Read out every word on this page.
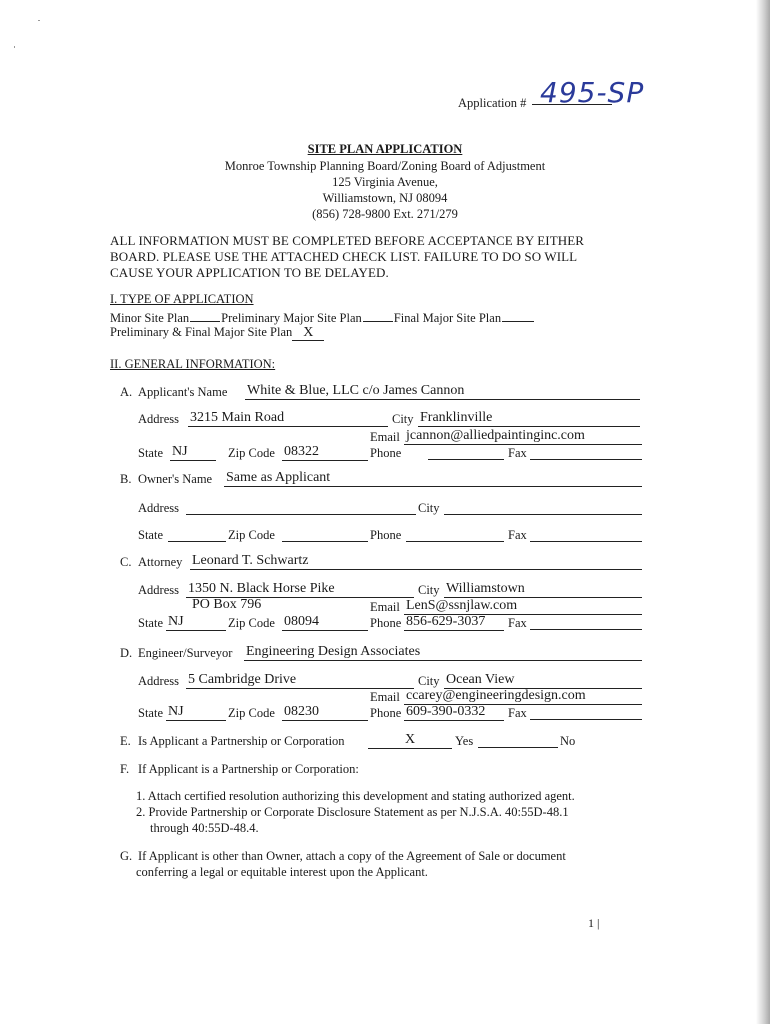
Application # 495-SP
SITE PLAN APPLICATION
Monroe Township Planning Board/Zoning Board of Adjustment
125 Virginia Avenue,
Williamstown, NJ 08094
(856) 728-9800 Ext. 271/279
ALL INFORMATION MUST BE COMPLETED BEFORE ACCEPTANCE BY EITHER
BOARD. PLEASE USE THE ATTACHED CHECK LIST. FAILURE TO DO SO WILL
CAUSE YOUR APPLICATION TO BE DELAYED.
I. TYPE OF APPLICATION
Minor Site Plan	Preliminary Major Site Plan	Final Major Site Plan
Preliminary & Final Major Site Plan X
II. GENERAL INFORMATION:
A. Applicant's Name White & Blue, LLC c/o James Cannon
Address 3215 Main Road	City Franklinville
Email jcannon@alliedpaintinginc.com
State NJ	Zip Code 08322	Phone	Fax
B. Owner's Name Same as Applicant
Address	City
State	Zip Code	Phone	Fax
C. Attorney Leonard T. Schwartz
Address 1350 N. Black Horse Pike	City Williamstown
PO Box 796	Email LenS@ssnjlaw.com
State NJ	Zip Code 08094	Phone 856-629-3037	Fax
D. Engineer/Surveyor Engineering Design Associates
Address 5 Cambridge Drive	City Ocean View
Email ccarey@engineeringdesign.com
State NJ	Zip Code 08230	Phone 609-390-0332	Fax
E. Is Applicant a Partnership or Corporation	X	Yes	No
F. If Applicant is a Partnership or Corporation:
1. Attach certified resolution authorizing this development and stating authorized agent.
2. Provide Partnership or Corporate Disclosure Statement as per N.J.S.A. 40:55D-48.1
through 40:55D-48.4.
G. If Applicant is other than Owner, attach a copy of the Agreement of Sale or document
conferring a legal or equitable interest upon the Applicant.
1 |
